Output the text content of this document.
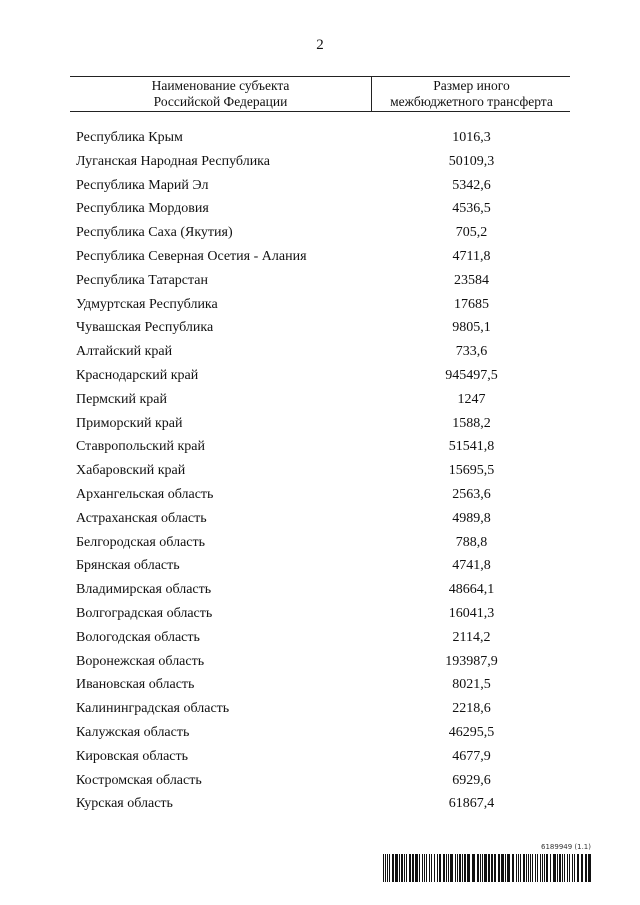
2
Наименование субъекта
Российской Федерации
Размер иного
межбюджетного трансферта
Республика Крым	1016,3
Луганская Народная Республика	50109,3
Республика Марий Эл	5342,6
Республика Мордовия	4536,5
Республика Саха (Якутия)	705,2
Республика Северная Осетия - Алания	4711,8
Республика Татарстан	23584
Удмуртская Республика	17685
Чувашская Республика	9805,1
Алтайский край	733,6
Краснодарский край	945497,5
Пермский край	1247
Приморский край	1588,2
Ставропольский край	51541,8
Хабаровский край	15695,5
Архангельская область	2563,6
Астраханская область	4989,8
Белгородская область	788,8
Брянская область	4741,8
Владимирская область	48664,1
Волгоградская область	16041,3
Вологодская область	2114,2
Воронежская область	193987,9
Ивановская область	8021,5
Калининградская область	2218,6
Калужская область	46295,5
Кировская область	4677,9
Костромская область	6929,6
Курская область	61867,4
6189949 (1.1)
